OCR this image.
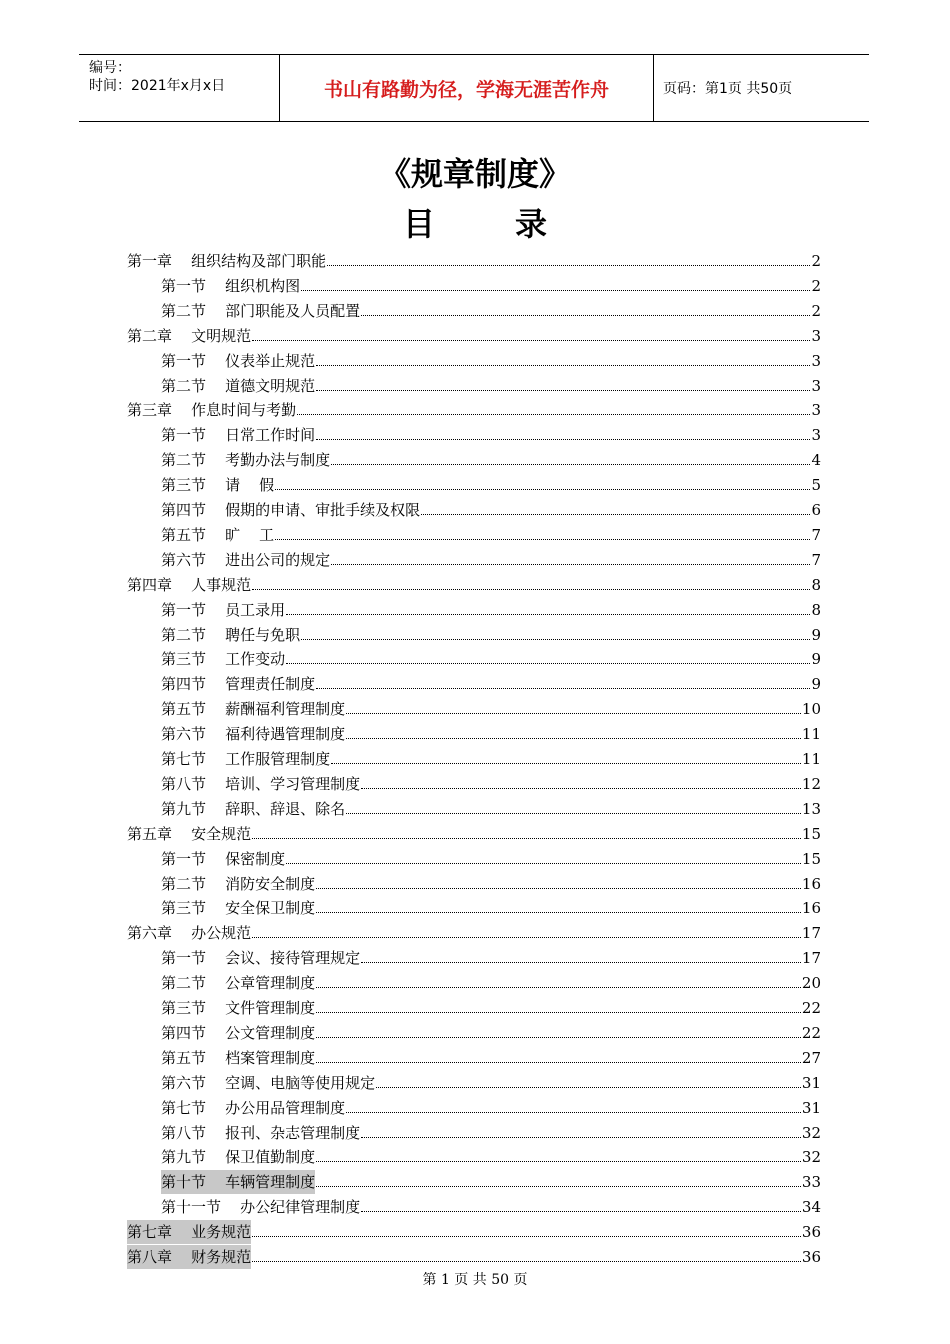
编号：
时间：2021年x月x日	书山有路勤为径，学海无涯苦作舟	页码：第1页 共50页
《规章制度》
目录
第一章    组织结构及部门职能	2
第一节    组织机构图	2
第二节    部门职能及人员配置	2
第二章    文明规范	3
第一节    仪表举止规范	3
第二节    道德文明规范	3
第三章    作息时间与考勤	3
第一节    日常工作时间	3
第二节    考勤办法与制度	4
第三节    请    假	5
第四节    假期的申请、审批手续及权限	6
第五节    旷    工	7
第六节    进出公司的规定	7
第四章    人事规范	8
第一节    员工录用	8
第二节    聘任与免职	9
第三节    工作变动	9
第四节    管理责任制度	9
第五节    薪酬福利管理制度	10
第六节    福利待遇管理制度	11
第七节    工作服管理制度	11
第八节    培训、学习管理制度	12
第九节    辞职、辞退、除名	13
第五章    安全规范	15
第一节    保密制度	15
第二节    消防安全制度	16
第三节    安全保卫制度	16
第六章    办公规范	17
第一节    会议、接待管理规定	17
第二节    公章管理制度	20
第三节    文件管理制度	22
第四节    公文管理制度	22
第五节    档案管理制度	27
第六节    空调、电脑等使用规定	31
第七节    办公用品管理制度	31
第八节    报刊、杂志管理制度	32
第九节    保卫值勤制度	32
第十节    车辆管理制度	33
第十一节    办公纪律管理制度	34
第七章    业务规范	36
第八章    财务规范	36
第 1 页 共 50 页
